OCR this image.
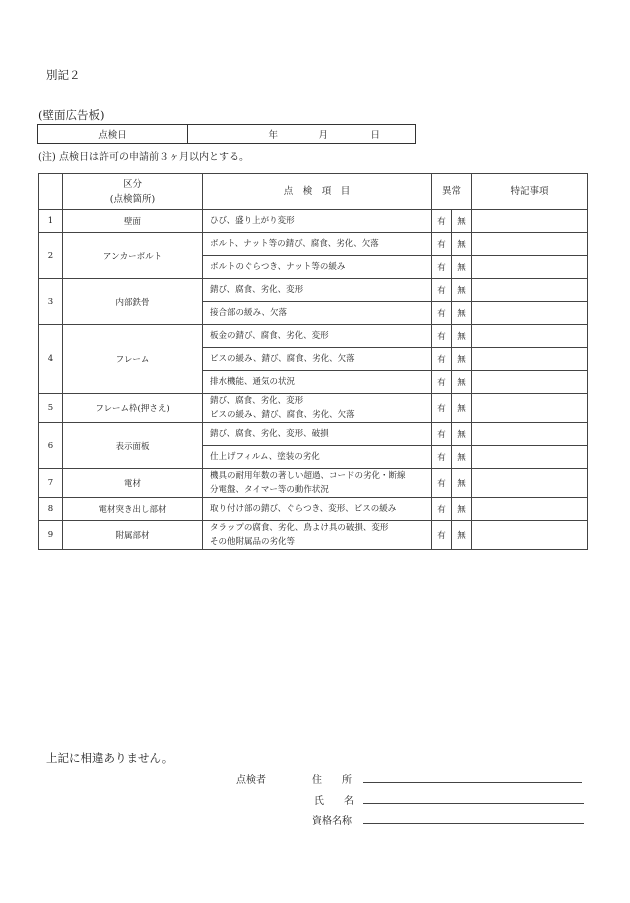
別記２
(壁面広告板)
点検日	年	月	日
(注) 点検日は許可の申請前３ヶ月以内とする。

	区分
(点検箇所)	点　検　項　目	異常		特記事項
1	壁面	ひび、盛り上がり変形	有	無	
2	アンカーボルト	ボルト、ナット等の錆び、腐食、劣化、欠落	有	無	

		ボルトのぐらつき、ナット等の緩み	有	無	
3	内部鉄骨	錆び、腐食、劣化、変形	有	無	

		接合部の緩み、欠落	有	無	
4	フレーム	板金の錆び、腐食、劣化、変形	有	無	

		ビスの緩み、錆び、腐食、劣化、欠落	有	無	

		排水機能、通気の状況	有	無	
5	フレーム枠(押さえ)	錆び、腐食、劣化、変形
ビスの緩み、錆び、腐食、劣化、欠落	有	無	
6	表示面板	錆び、腐食、劣化、変形、破損	有	無	

		仕上げフィルム、塗装の劣化	有	無	
7	電材	機具の耐用年数の著しい超過、コードの劣化・断線
分電盤、タイマー等の動作状況	有	無	
8	電材突き出し部材	取り付け部の錆び、ぐらつき、変形、ビスの緩み	有	無	
9	附属部材	タラップの腐食、劣化、鳥よけ具の破損、変形
その他附属品の劣化等	有	無	
上記に相違ありません。
点検者	住　　所
氏　　名
資格名称
